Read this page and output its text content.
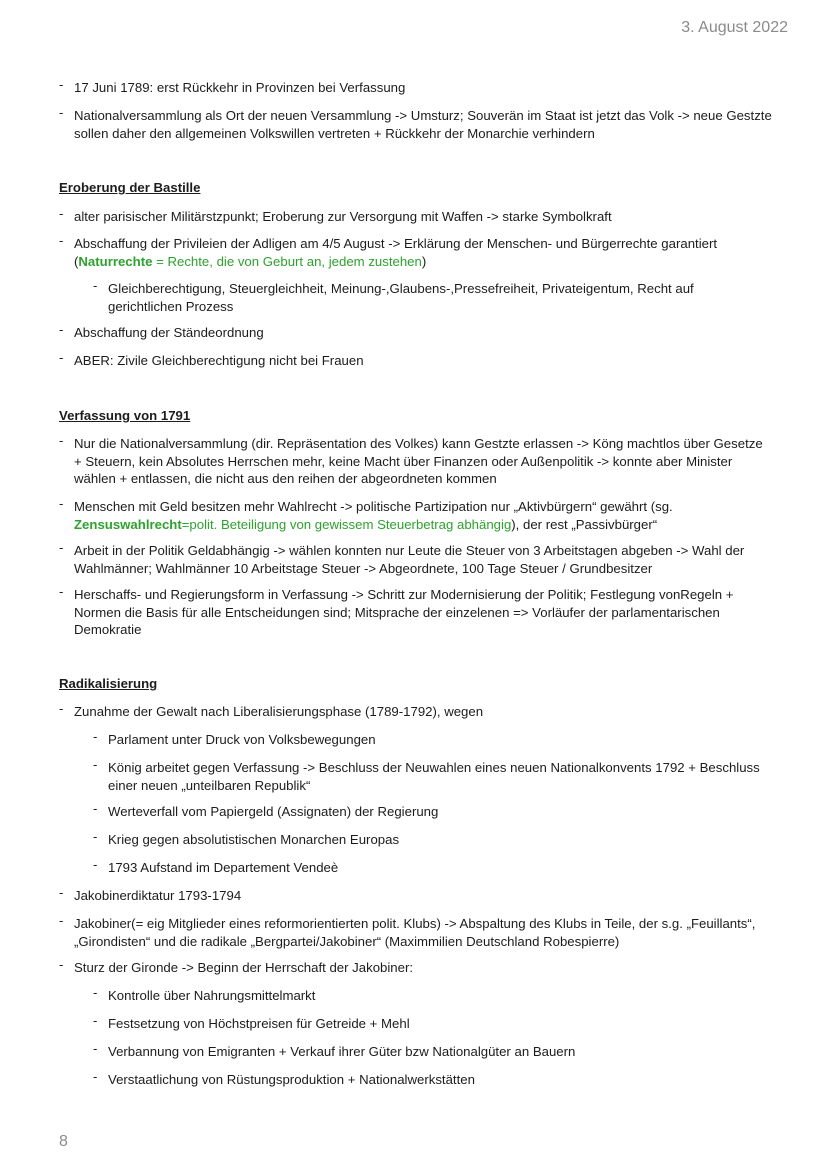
3. August 2022
- 17 Juni 1789: erst Rückkehr in Provinzen bei Verfassung
- Nationalversammlung als Ort der neuen Versammlung -> Umsturz; Souverän im Staat ist jetzt das Volk -> neue Gestzte sollen daher den allgemeinen Volkswillen vertreten + Rückkehr der Monarchie verhindern
Eroberung der Bastille
- alter parisischer Militärstzpunkt; Eroberung zur Versorgung mit Waffen -> starke Symbolkraft
- Abschaffung der Privileien der Adligen am 4/5 August -> Erklärung der Menschen- und Bürgerrechte garantiert (Naturrechte = Rechte, die von Geburt an, jedem zustehen)
- Gleichberechtigung, Steuergleichheit, Meinung-,Glaubens-,Pressefreiheit, Privateigentum, Recht auf gerichtlichen Prozess
- Abschaffung der Ständeordnung
- ABER: Zivile Gleichberechtigung nicht bei Frauen
Verfassung von 1791
- Nur die Nationalversammlung (dir. Repräsentation des Volkes) kann Gestzte erlassen -> Köng machtlos über Gesetze + Steuern, kein Absolutes Herrschen mehr, keine Macht über Finanzen oder Außenpolitik -> konnte aber Minister wählen + entlassen, die nicht aus den reihen der abgeordneten kommen
- Menschen mit Geld besitzen mehr Wahlrecht -> politische Partizipation nur „Aktivbürgern“ gewährt (sg. Zensuswahlrecht=polit. Beteiligung von gewissem Steuerbetrag abhängig), der rest „Passivbürger“
- Arbeit in der Politik Geldabhängig -> wählen konnten nur Leute die Steuer von 3 Arbeitstagen abgeben -> Wahl der Wahlmänner; Wahlmänner 10 Arbeitstage Steuer -> Abgeordnete, 100 Tage Steuer / Grundbesitzer
- Herschaffs- und Regierungsform in Verfassung -> Schritt zur Modernisierung der Politik; Festlegung vonRegeln + Normen die Basis für alle Entscheidungen sind; Mitsprache der einzelenen => Vorläufer der parlamentarischen Demokratie
Radikalisierung
- Zunahme der Gewalt nach Liberalisierungsphase (1789-1792), wegen
- Parlament unter Druck von Volksbewegungen
- König arbeitet gegen Verfassung -> Beschluss der Neuwahlen eines neuen Nationalkonvents 1792 + Beschluss einer neuen „unteilbaren Republik“
- Werteverfall vom Papiergeld (Assignaten) der Regierung
- Krieg gegen absolutistischen Monarchen Europas
- 1793 Aufstand im Departement Vendeè
- Jakobinerdiktatur 1793-1794
- Jakobiner(= eig Mitglieder eines reformorientierten polit. Klubs) -> Abspaltung des Klubs in Teile, der s.g. „Feuillants“, „Girondisten“ und die radikale „Bergpartei/Jakobiner“ (Maximmilien Deutschland Robespierre)
- Sturz der Gironde -> Beginn der Herrschaft der Jakobiner:
- Kontrolle über Nahrungsmittelmarkt
- Festsetzung von Höchstpreisen für Getreide + Mehl
- Verbannung von Emigranten + Verkauf ihrer Güter bzw Nationalgüter an Bauern
- Verstaatlichung von Rüstungsproduktion + Nationalwerkstätten
8
